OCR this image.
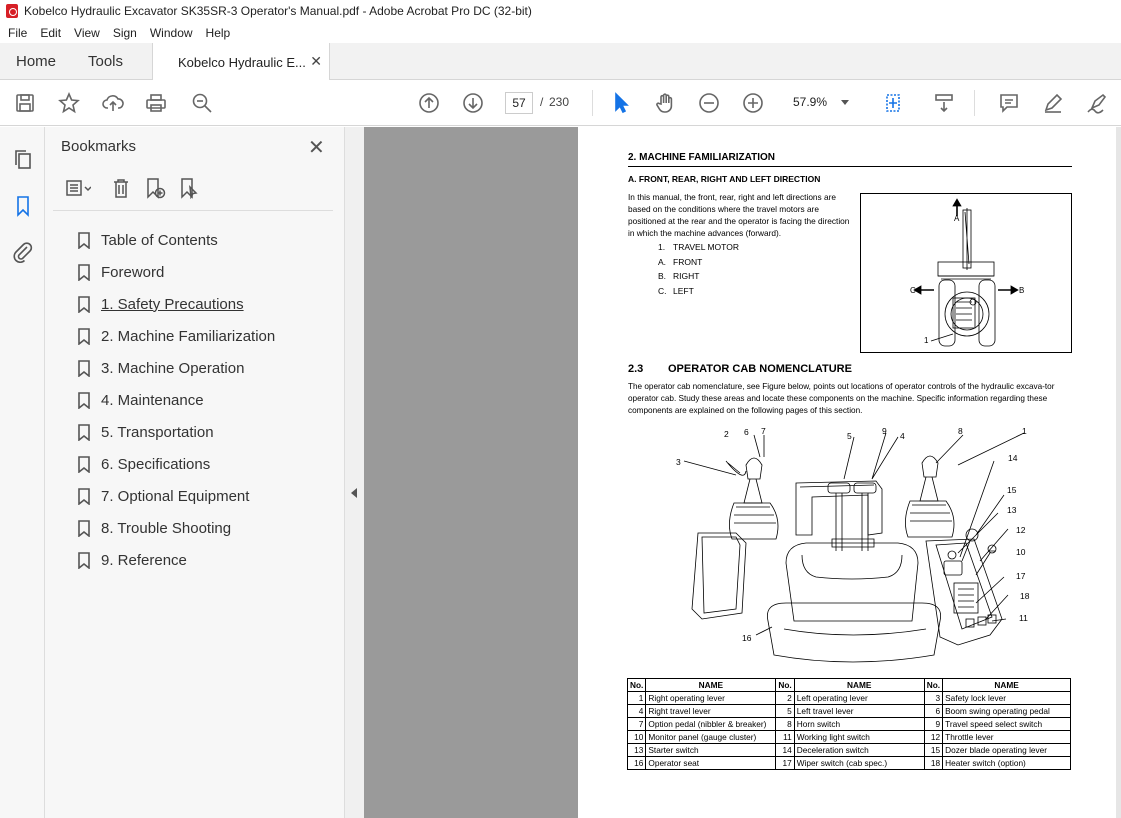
Kobelco Hydraulic Excavator SK35SR-3 Operator's Manual.pdf - Adobe Acrobat Pro DC (32-bit)
File Edit View Sign Window Help
Home Tools	Kobelco Hydraulic E... ✕
57	/ 230	57.9%
Bookmarks	✕
Table of Contents
Foreword
1. Safety Precautions
2. Machine Familiarization
3. Machine Operation
4. Maintenance
5. Transportation
6. Specifications
7. Optional Equipment
8. Trouble Shooting
9. Reference
2. MACHINE FAMILIARIZATION
A. FRONT, REAR, RIGHT AND LEFT DIRECTION
In this manual, the front, rear, right and left directions are based on the conditions where the travel motors are positioned at the rear and the operator is facing the direction in which the machine advances (forward).
1. TRAVEL MOTOR
A. FRONT
B. RIGHT
C. LEFT
A
B
C
1
2.3 OPERATOR CAB NOMENCLATURE
The operator cab nomenclature, see Figure below, points out locations of operator controls of the hydraulic excava-tor operator cab. Study these areas and locate these components on the machine. Specific information regarding these components are explained on the following pages of this section.
2 6 7
3
5	9 4	8	1
14
15
13
12
10
17
18
11
16
No.	NAME	No.	NAME	No.	NAME
1	Right operating lever	2	Left operating lever	3	Safety lock lever
4	Right travel lever	5	Left travel lever	6	Boom swing operating pedal
7	Option pedal (nibbler & breaker)	8	Horn switch	9	Travel speed select switch
10	Monitor panel (gauge cluster)	11	Working light switch	12	Throttle lever
13	Starter switch	14	Deceleration switch	15	Dozer blade operating lever
16	Operator seat	17	Wiper switch (cab spec.)	18	Heater switch (option)
